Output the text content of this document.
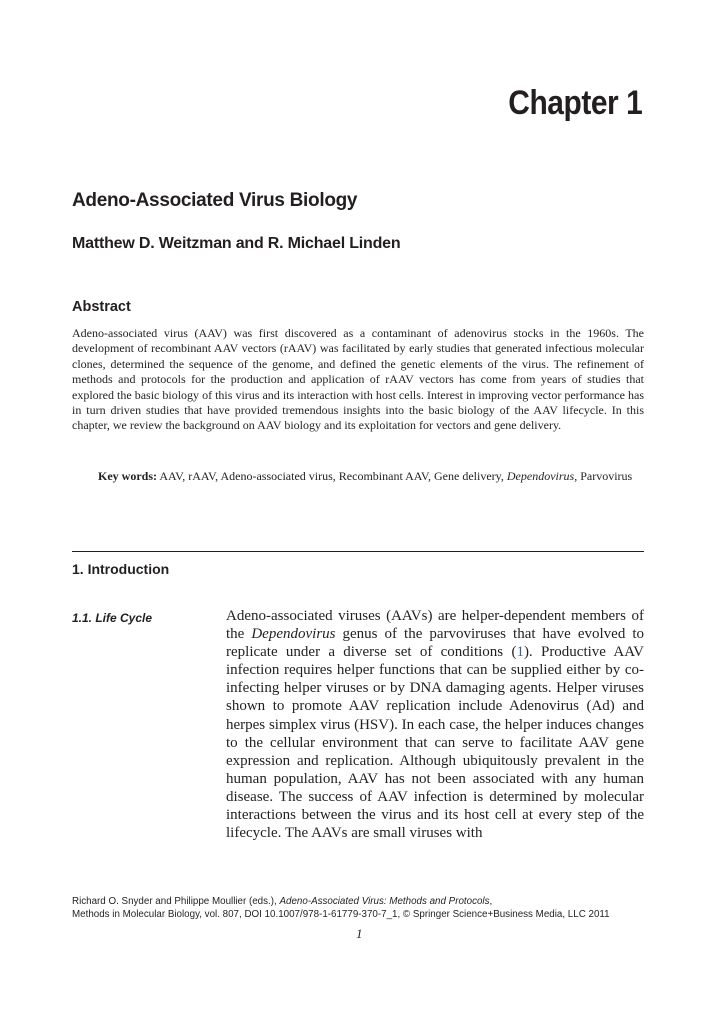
Chapter 1
Adeno-Associated Virus Biology
Matthew D. Weitzman and R. Michael Linden
Abstract
Adeno-associated virus (AAV) was first discovered as a contaminant of adenovirus stocks in the 1960s. The development of recombinant AAV vectors (rAAV) was facilitated by early studies that generated infectious molecular clones, determined the sequence of the genome, and defined the genetic elements of the virus. The refinement of methods and protocols for the production and application of rAAV vectors has come from years of studies that explored the basic biology of this virus and its interaction with host cells. Interest in improving vector performance has in turn driven studies that have provided tremendous insights into the basic biology of the AAV lifecycle. In this chapter, we review the background on AAV biology and its exploitation for vectors and gene delivery.
Key words: AAV, rAAV, Adeno-associated virus, Recombinant AAV, Gene delivery, Dependovirus, Parvovirus
1. Introduction
1.1. Life Cycle	Adeno-associated viruses (AAVs) are helper-dependent members of the Dependovirus genus of the parvoviruses that have evolved to replicate under a diverse set of conditions (1). Productive AAV infection requires helper functions that can be supplied either by co-infecting helper viruses or by DNA damaging agents. Helper viruses shown to promote AAV replication include Adenovirus (Ad) and herpes simplex virus (HSV). In each case, the helper induces changes to the cellular environment that can serve to facilitate AAV gene expression and replication. Although ubiquitously prevalent in the human population, AAV has not been associated with any human disease. The success of AAV infection is determined by molecular interactions between the virus and its host cell at every step of the lifecycle. The AAVs are small viruses with
Richard O. Snyder and Philippe Moullier (eds.), Adeno-Associated Virus: Methods and Protocols,
Methods in Molecular Biology, vol. 807, DOI 10.1007/978-1-61779-370-7_1, © Springer Science+Business Media, LLC 2011
1
